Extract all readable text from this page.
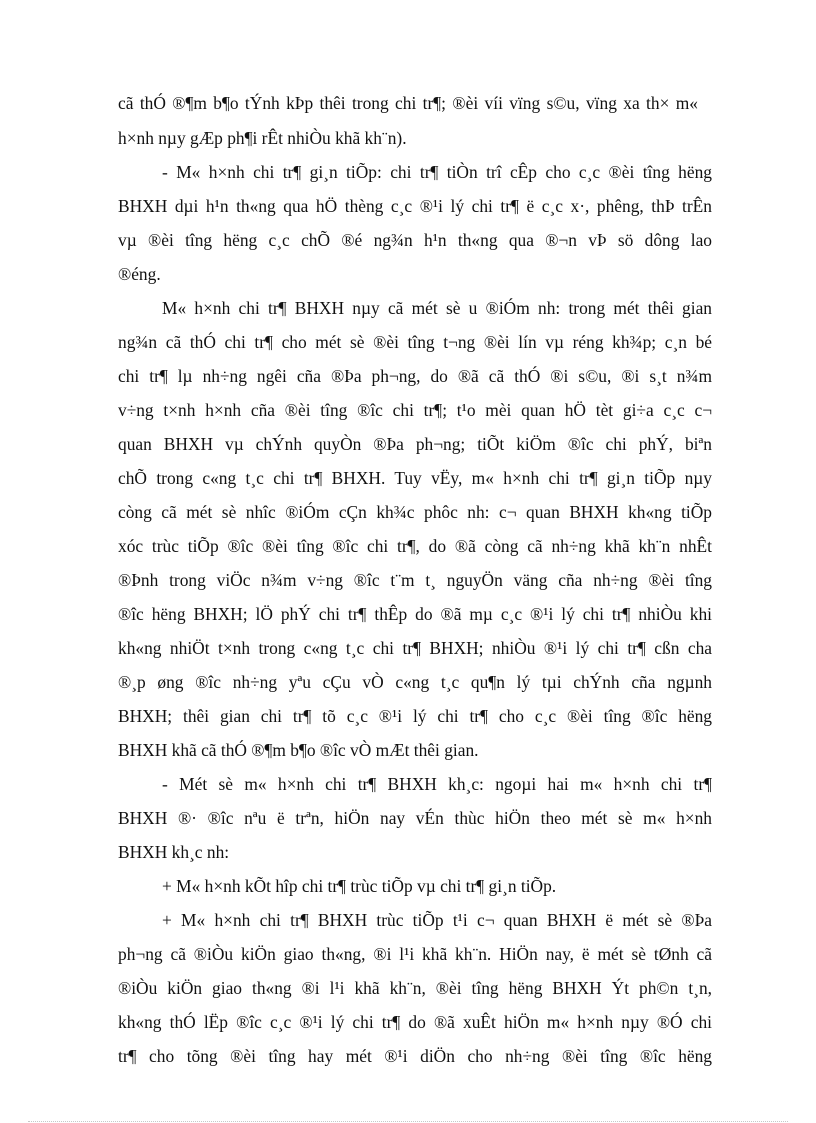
cã thÓ ®¶m b¶o tÝnh kÞp thêi trong chi tr¶; ®èi víi vïng s©u, vïng xa th× m«
h×nh nµy gÆp ph¶i rÊt nhiÒu khã kh¨n).
- M« h×nh chi tr¶ gi¸n tiÕp: chi tr¶ tiÒn trî cÊp cho c¸c ®èi tîng hëng
BHXH dµi h¹n th«ng qua hÖ thèng c¸c ®¹i lý chi tr¶ ë c¸c x·, phêng, thÞ trÊn
vµ ®èi tîng hëng c¸c chÕ ®é ng¾n h¹n th«ng qua ®¬n vÞ sö dông lao
®éng.
M« h×nh chi tr¶ BHXH nµy cã mét sè u ®iÓm nh: trong mét thêi gian
ng¾n cã thÓ chi tr¶ cho mét sè ®èi tîng t¬ng ®èi lín vµ réng kh¾p; c¸n bé
chi tr¶ lµ nh÷ng ngêi cña ®Þa ph¬ng, do ®ã cã thÓ ®i s©u, ®i s¸t n¾m
v÷ng t×nh h×nh cña ®èi tîng ®îc chi tr¶; t¹o mèi quan hÖ tèt gi÷a c¸c c¬
quan BHXH vµ chÝnh quyÒn ®Þa ph¬ng; tiÕt kiÖm ®îc chi phÝ, biªn
chÕ trong c«ng t¸c chi tr¶ BHXH. Tuy vËy, m« h×nh chi tr¶ gi¸n tiÕp nµy
còng cã mét sè nhîc ®iÓm cÇn kh¾c phôc nh: c¬ quan BHXH kh«ng tiÕp
xóc trùc tiÕp ®îc ®èi tîng ®îc chi tr¶, do ®ã còng cã nh÷ng khã kh¨n nhÊt
®Þnh trong viÖc n¾m v÷ng ®îc t¨m t¸ nguyÖn väng cña nh÷ng ®èi tîng
®îc hëng BHXH; lÖ phÝ chi tr¶ thÊp do ®ã mµ c¸c ®¹i lý chi tr¶ nhiÒu khi
kh«ng nhiÖt t×nh trong c«ng t¸c chi tr¶ BHXH; nhiÒu ®¹i lý chi tr¶ cßn cha
®¸p øng ®îc nh÷ng yªu cÇu vÒ c«ng t¸c qu¶n lý tµi chÝnh cña ngµnh
BHXH; thêi gian chi tr¶ tõ c¸c ®¹i lý chi tr¶ cho c¸c ®èi tîng ®îc hëng
BHXH khã cã thÓ ®¶m b¶o ®îc vÒ mÆt thêi gian.
- Mét sè m« h×nh chi tr¶ BHXH kh¸c: ngoµi hai m« h×nh chi tr¶
BHXH ®· ®îc nªu ë trªn, hiÖn nay vÉn thùc hiÖn theo mét sè m« h×nh
BHXH kh¸c nh:
+ M« h×nh kÕt hîp chi tr¶ trùc tiÕp vµ chi tr¶ gi¸n tiÕp.
+ M« h×nh chi tr¶ BHXH trùc tiÕp t¹i c¬ quan BHXH ë mét sè ®Þa
ph¬ng cã ®iÒu kiÖn giao th«ng, ®i l¹i khã kh¨n. HiÖn nay, ë mét sè tØnh cã
®iÒu kiÖn giao th«ng ®i l¹i khã kh¨n, ®èi tîng hëng BHXH Ýt ph©n t¸n,
kh«ng thÓ lËp ®îc c¸c ®¹i lý chi tr¶ do ®ã xuÊt hiÖn m« h×nh nµy ®Ó chi
tr¶ cho tõng ®èi tîng hay mét ®¹i diÖn cho nh÷ng ®èi tîng ®îc hëng
